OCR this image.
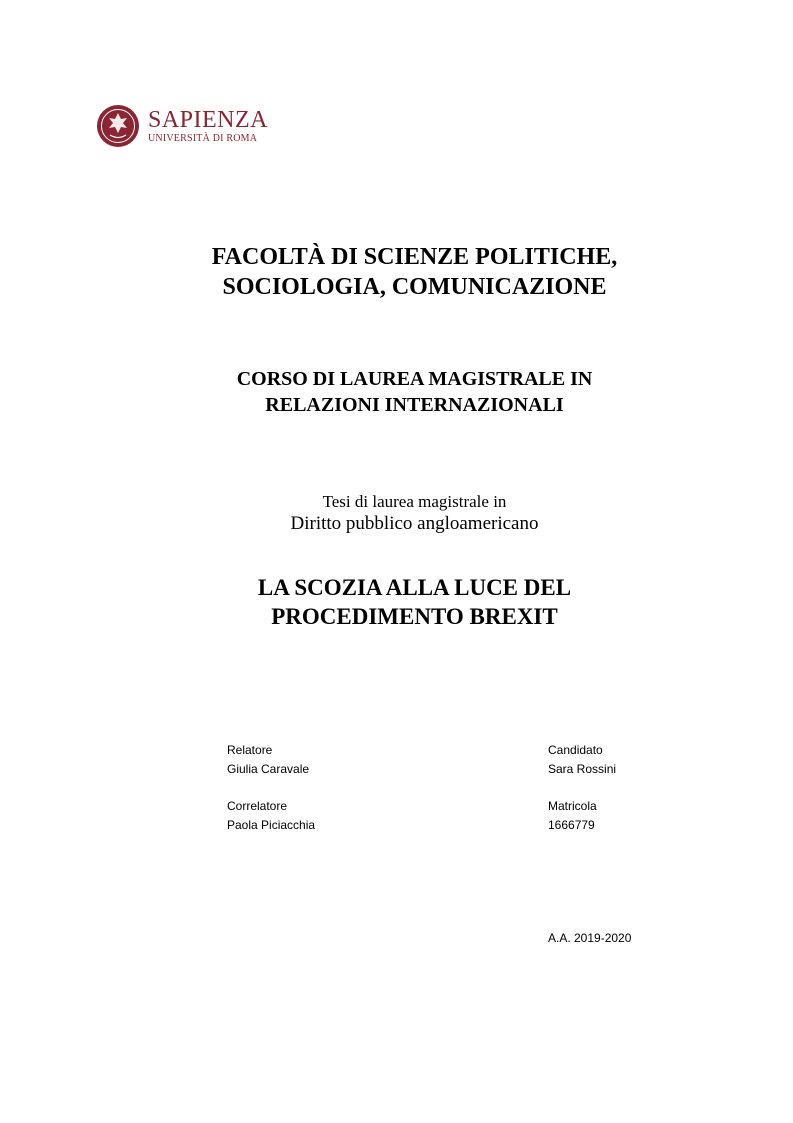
SAPIENZA
UNIVERSITÀ DI ROMA
FACOLTÀ DI SCIENZE POLITICHE,
SOCIOLOGIA, COMUNICAZIONE
CORSO DI LAUREA MAGISTRALE IN
RELAZIONI INTERNAZIONALI
Tesi di laurea magistrale in
Diritto pubblico angloamericano
LA SCOZIA ALLA LUCE DEL
PROCEDIMENTO BREXIT
Relatore
Giulia Caravale
Correlatore
Paola Piciacchia
Candidato
Sara Rossini
Matricola
1666779
A.A. 2019-2020
